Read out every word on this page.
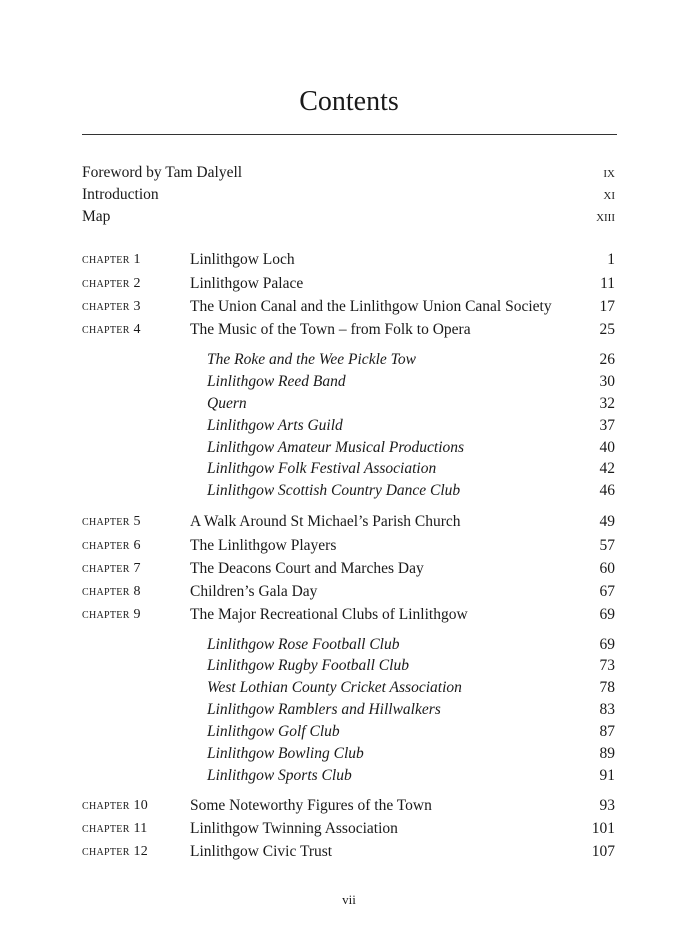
Contents
Foreword by Tam Dalyell	ix
Introduction	xi
Map	xiii
chapter 1	Linlithgow Loch	1
chapter 2	Linlithgow Palace	11
chapter 3	The Union Canal and the Linlithgow Union Canal Society	17
chapter 4	The Music of the Town – from Folk to Opera	25
The Roke and the Wee Pickle Tow	26
Linlithgow Reed Band	30
Quern	32
Linlithgow Arts Guild	37
Linlithgow Amateur Musical Productions	40
Linlithgow Folk Festival Association	42
Linlithgow Scottish Country Dance Club	46
chapter 5	A Walk Around St Michael’s Parish Church	49
chapter 6	The Linlithgow Players	57
chapter 7	The Deacons Court and Marches Day	60
chapter 8	Children’s Gala Day	67
chapter 9	The Major Recreational Clubs of Linlithgow	69
Linlithgow Rose Football Club	69
Linlithgow Rugby Football Club	73
West Lothian County Cricket Association	78
Linlithgow Ramblers and Hillwalkers	83
Linlithgow Golf Club	87
Linlithgow Bowling Club	89
Linlithgow Sports Club	91
chapter 10	Some Noteworthy Figures of the Town	93
chapter 11	Linlithgow Twinning Association	101
chapter 12	Linlithgow Civic Trust	107
vii
